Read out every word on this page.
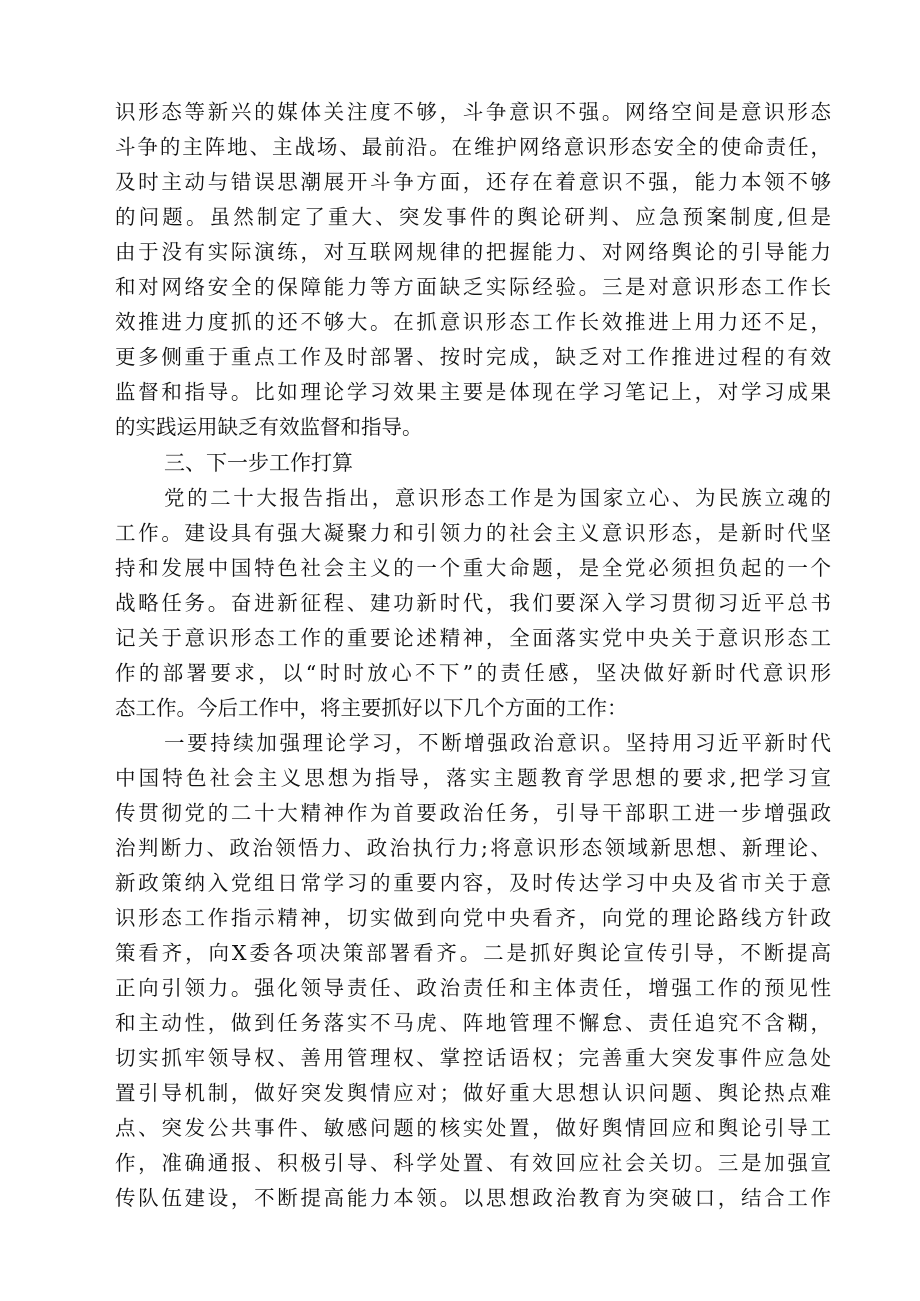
识形态等新兴的媒体关注度不够，斗争意识不强。网络空间是意识形态
斗争的主阵地、主战场、最前沿。在维护网络意识形态安全的使命责任，
及时主动与错误思潮展开斗争方面，还存在着意识不强，能力本领不够
的问题。虽然制定了重大、突发事件的舆论研判、应急预案制度,但是
由于没有实际演练，对互联网规律的把握能力、对网络舆论的引导能力
和对网络安全的保障能力等方面缺乏实际经验。三是对意识形态工作长
效推进力度抓的还不够大。在抓意识形态工作长效推进上用力还不足，
更多侧重于重点工作及时部署、按时完成，缺乏对工作推进过程的有效
监督和指导。比如理论学习效果主要是体现在学习笔记上，对学习成果
的实践运用缺乏有效监督和指导。
三、下一步工作打算
党的二十大报告指出，意识形态工作是为国家立心、为民族立魂的
工作。建设具有强大凝聚力和引领力的社会主义意识形态，是新时代坚
持和发展中国特色社会主义的一个重大命题，是全党必须担负起的一个
战略任务。奋进新征程、建功新时代，我们要深入学习贯彻习近平总书
记关于意识形态工作的重要论述精神，全面落实党中央关于意识形态工
作的部署要求，以“时时放心不下”的责任感，坚决做好新时代意识形
态工作。今后工作中，将主要抓好以下几个方面的工作：
一要持续加强理论学习，不断增强政治意识。坚持用习近平新时代
中国特色社会主义思想为指导，落实主题教育学思想的要求,把学习宣
传贯彻党的二十大精神作为首要政治任务，引导干部职工进一步增强政
治判断力、政治领悟力、政治执行力;将意识形态领域新思想、新理论、
新政策纳入党组日常学习的重要内容，及时传达学习中央及省市关于意
识形态工作指示精神，切实做到向党中央看齐，向党的理论路线方针政
策看齐，向X委各项决策部署看齐。二是抓好舆论宣传引导，不断提高
正向引领力。强化领导责任、政治责任和主体责任，增强工作的预见性
和主动性，做到任务落实不马虎、阵地管理不懈怠、责任追究不含糊，
切实抓牢领导权、善用管理权、掌控话语权；完善重大突发事件应急处
置引导机制，做好突发舆情应对；做好重大思想认识问题、舆论热点难
点、突发公共事件、敏感问题的核实处置，做好舆情回应和舆论引导工
作，准确通报、积极引导、科学处置、有效回应社会关切。三是加强宣
传队伍建设，不断提高能力本领。以思想政治教育为突破口，结合工作
